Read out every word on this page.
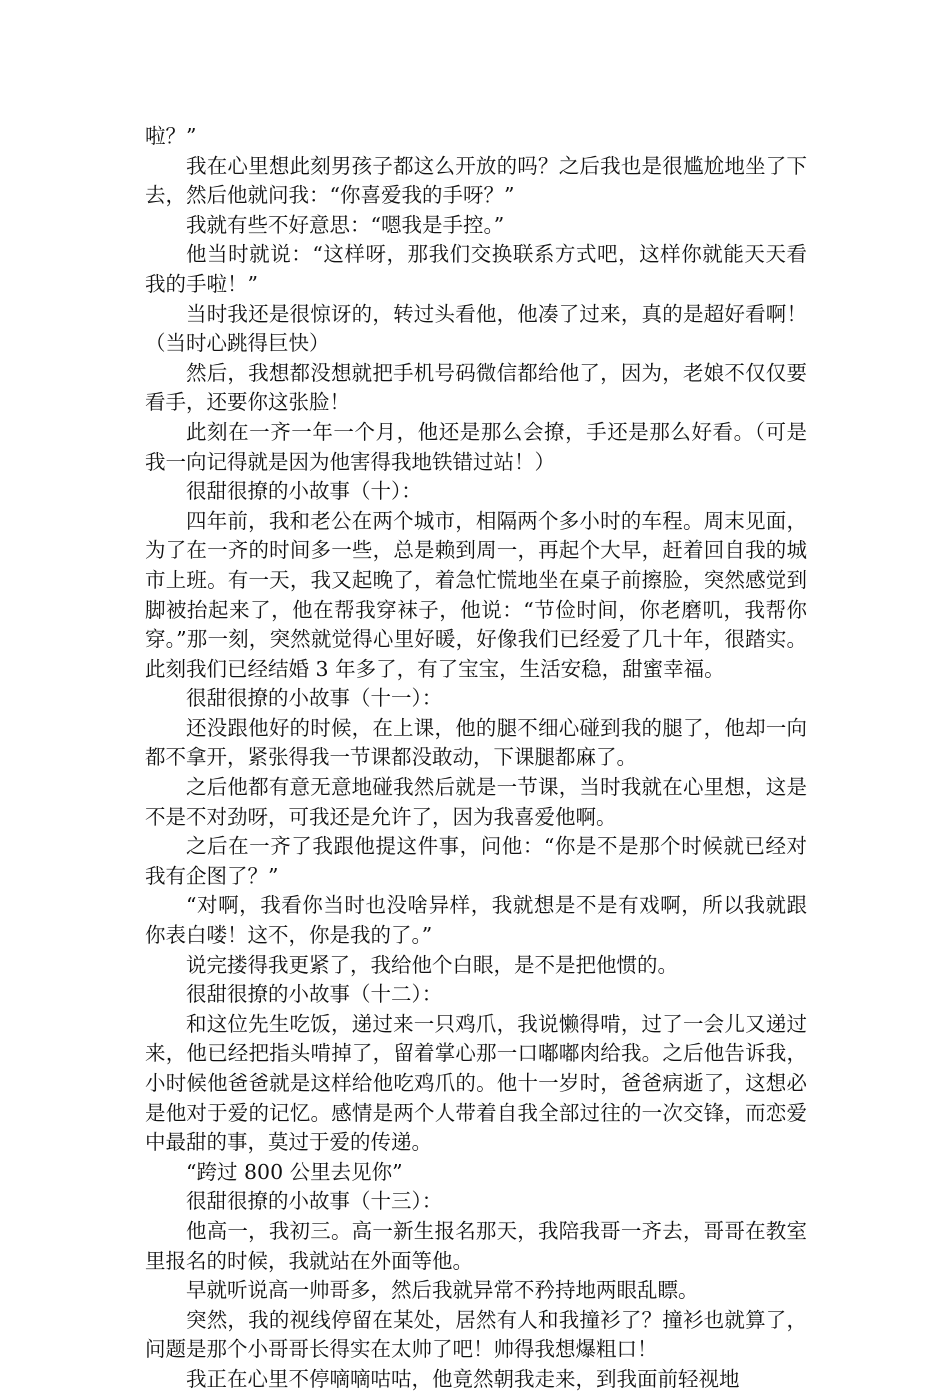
啦？”

我在心里想此刻男孩子都这么开放的吗？之后我也是很尴尬地坐了下去，然后他就问我：“你喜爱我的手呀？”

我就有些不好意思：“嗯我是手控。”

他当时就说：“这样呀，那我们交换联系方式吧，这样你就能天天看我的手啦！”

当时我还是很惊讶的，转过头看他，他凑了过来，真的是超好看啊！（当时心跳得巨快）

然后，我想都没想就把手机号码微信都给他了，因为，老娘不仅仅要看手，还要你这张脸！

此刻在一齐一年一个月，他还是那么会撩，手还是那么好看。（可是我一向记得就是因为他害得我地铁错过站！）

很甜很撩的小故事（十）：

四年前，我和老公在两个城市，相隔两个多小时的车程。周末见面，为了在一齐的时间多一些，总是赖到周一，再起个大早，赶着回自我的城市上班。有一天，我又起晚了，着急忙慌地坐在桌子前擦脸，突然感觉到脚被抬起来了，他在帮我穿袜子，他说：“节俭时间，你老磨叽，我帮你穿。”那一刻，突然就觉得心里好暖，好像我们已经爱了几十年，很踏实。此刻我们已经结婚 3 年多了，有了宝宝，生活安稳，甜蜜幸福。

很甜很撩的小故事（十一）：

还没跟他好的时候，在上课，他的腿不细心碰到我的腿了，他却一向都不拿开，紧张得我一节课都没敢动，下课腿都麻了。

之后他都有意无意地碰我然后就是一节课，当时我就在心里想，这是不是不对劲呀，可我还是允许了，因为我喜爱他啊。

之后在一齐了我跟他提这件事，问他：“你是不是那个时候就已经对我有企图了？”

“对啊，我看你当时也没啥异样，我就想是不是有戏啊，所以我就跟你表白喽！这不，你是我的了。”

说完搂得我更紧了，我给他个白眼，是不是把他惯的。

很甜很撩的小故事（十二）：

和这位先生吃饭，递过来一只鸡爪，我说懒得啃，过了一会儿又递过来，他已经把指头啃掉了，留着掌心那一口嘟嘟肉给我。之后他告诉我，小时候他爸爸就是这样给他吃鸡爪的。他十一岁时，爸爸病逝了，这想必是他对于爱的记忆。感情是两个人带着自我全部过往的一次交锋，而恋爱中最甜的事，莫过于爱的传递。

“跨过 800 公里去见你”

很甜很撩的小故事（十三）：

他高一，我初三。高一新生报名那天，我陪我哥一齐去，哥哥在教室里报名的时候，我就站在外面等他。

早就听说高一帅哥多，然后我就异常不矜持地两眼乱瞟。

突然，我的视线停留在某处，居然有人和我撞衫了？撞衫也就算了，问题是那个小哥哥长得实在太帅了吧！帅得我想爆粗口！

我正在心里不停嘀嘀咕咕，他竟然朝我走来，到我面前轻视地
